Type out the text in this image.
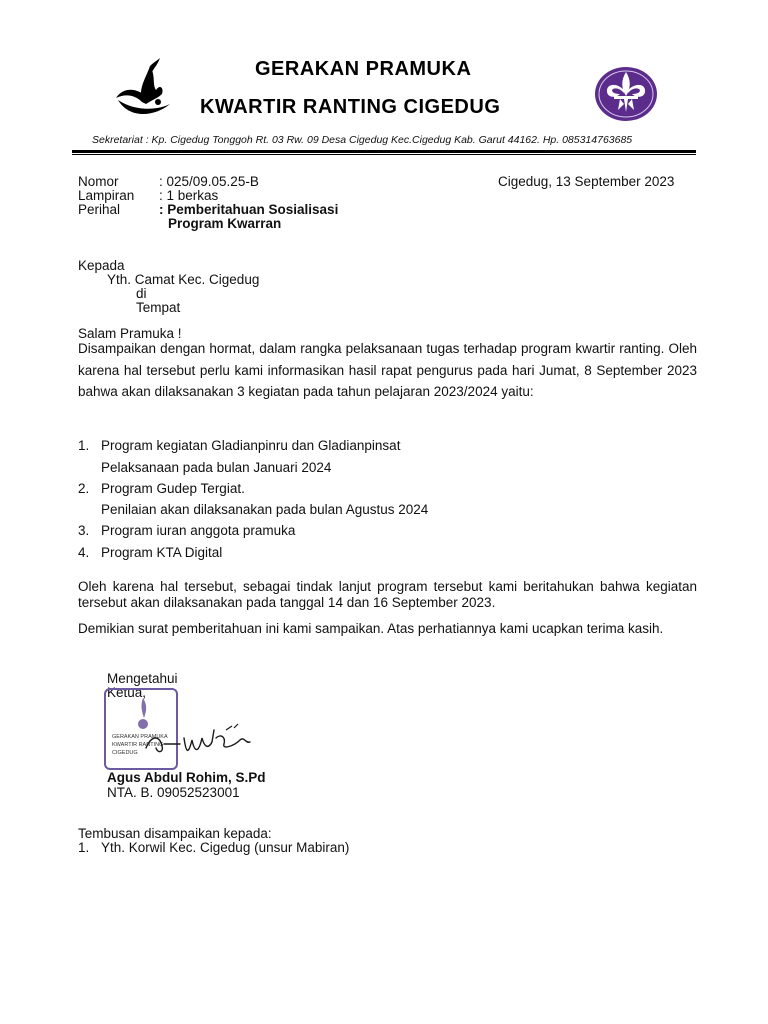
GERAKAN PRAMUKA
KWARTIR RANTING CIGEDUG
Sekretariat : Kp. Cigedug Tonggoh Rt. 03 Rw. 09 Desa Cigedug Kec.Cigedug Kab. Garut 44162. Hp. 085314763685
Nomor	: 025/09.05.25-B	Cigedug, 13 September 2023
Lampiran : 1 berkas
Perihal	: Pemberitahuan Sosialisasi
Program Kwarran
Kepada
Yth. Camat Kec. Cigedug
di
Tempat
Salam Pramuka !
Disampaikan dengan hormat, dalam rangka pelaksanaan tugas terhadap program kwartir ranting. Oleh karena hal tersebut perlu kami informasikan hasil rapat pengurus pada hari Jumat, 8 September 2023 bahwa akan dilaksanakan 3 kegiatan pada tahun pelajaran 2023/2024 yaitu:
1. Program kegiatan Gladianpinru dan Gladianpinsat
Pelaksanaan pada bulan Januari 2024
2. Program Gudep Tergiat.
Penilaian akan dilaksanakan pada bulan Agustus 2024
3. Program iuran anggota pramuka
4. Program KTA Digital
Oleh karena hal tersebut, sebagai tindak lanjut program tersebut kami beritahukan bahwa kegiatan tersebut akan dilaksanakan pada tanggal 14 dan 16 September 2023.
Demikian surat pemberitahuan ini kami sampaikan. Atas perhatiannya kami ucapkan terima kasih.
Mengetahui
Ketua,
GERAKAN PRAMUKA
KWARTIR RANTING
CIGEDUG
Agus Abdul Rohim, S.Pd
NTA. B. 09052523001
Tembusan disampaikan kepada:
1. Yth. Korwil Kec. Cigedug (unsur Mabiran)
